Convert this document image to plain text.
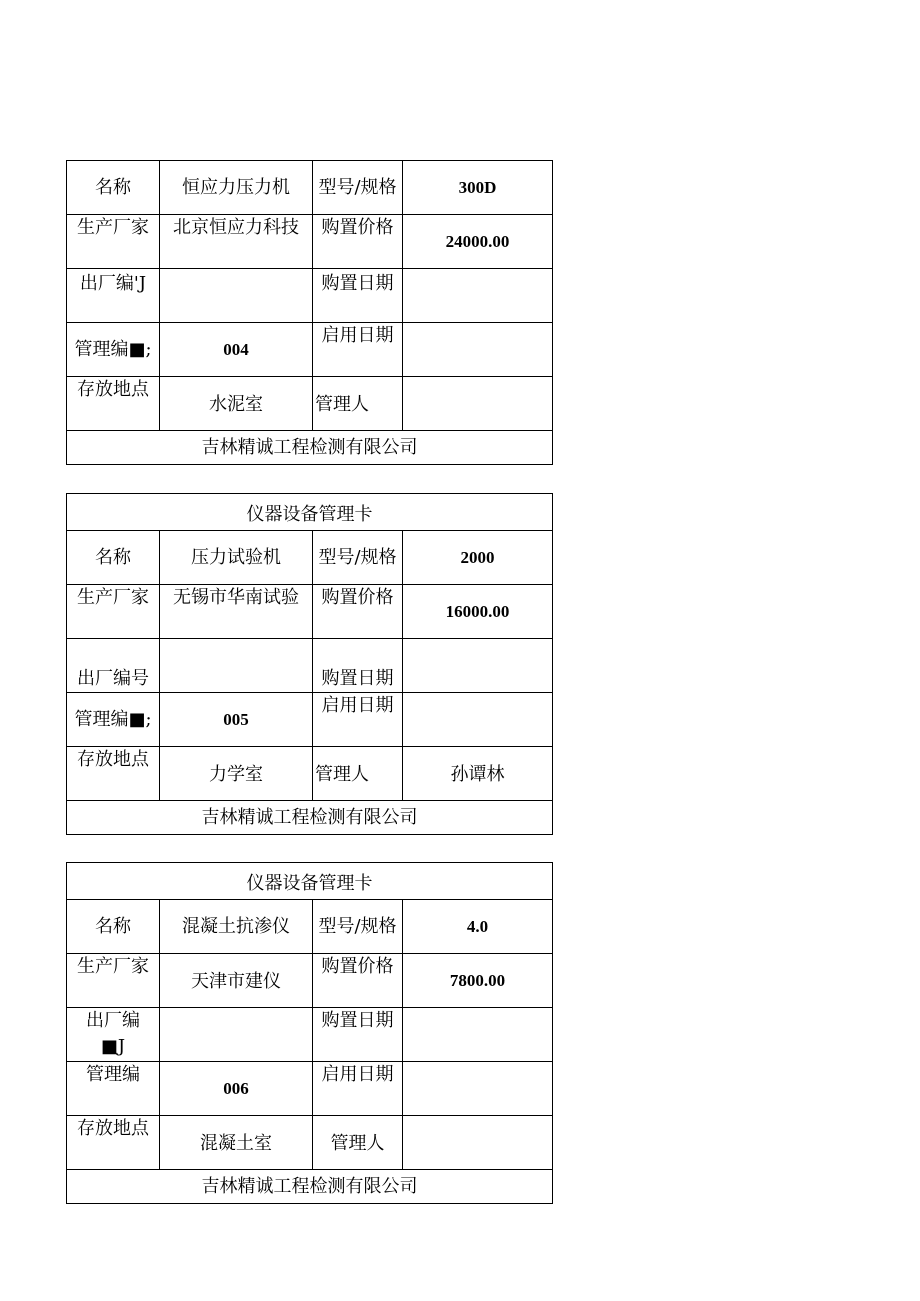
名称	恒应力压力机	型号/规格	300D
生产厂家	北京恒应力科技	购置价格	24000.00
出厂编'J		购置日期	
管理编■;	004	启用日期	
存放地点	水泥室	管理人	
吉林精诚工程检测有限公司			
仪器设备管理卡			
名称	压力试验机	型号/规格	2000
生产厂家	无锡市华南试验	购置价格	16000.00
出厂编号		购置日期	
管理编■;	005	启用日期	
存放地点	力学室	管理人	孙谭林
吉林精诚工程检测有限公司			
仪器设备管理卡			
名称	混凝土抗渗仪	型号/规格	4.0
生产厂家	天津市建仪	购置价格	7800.00
出厂编■J		购置日期	
管理编	006	启用日期	
存放地点	混凝土室	管理人	
吉林精诚工程检测有限公司			
